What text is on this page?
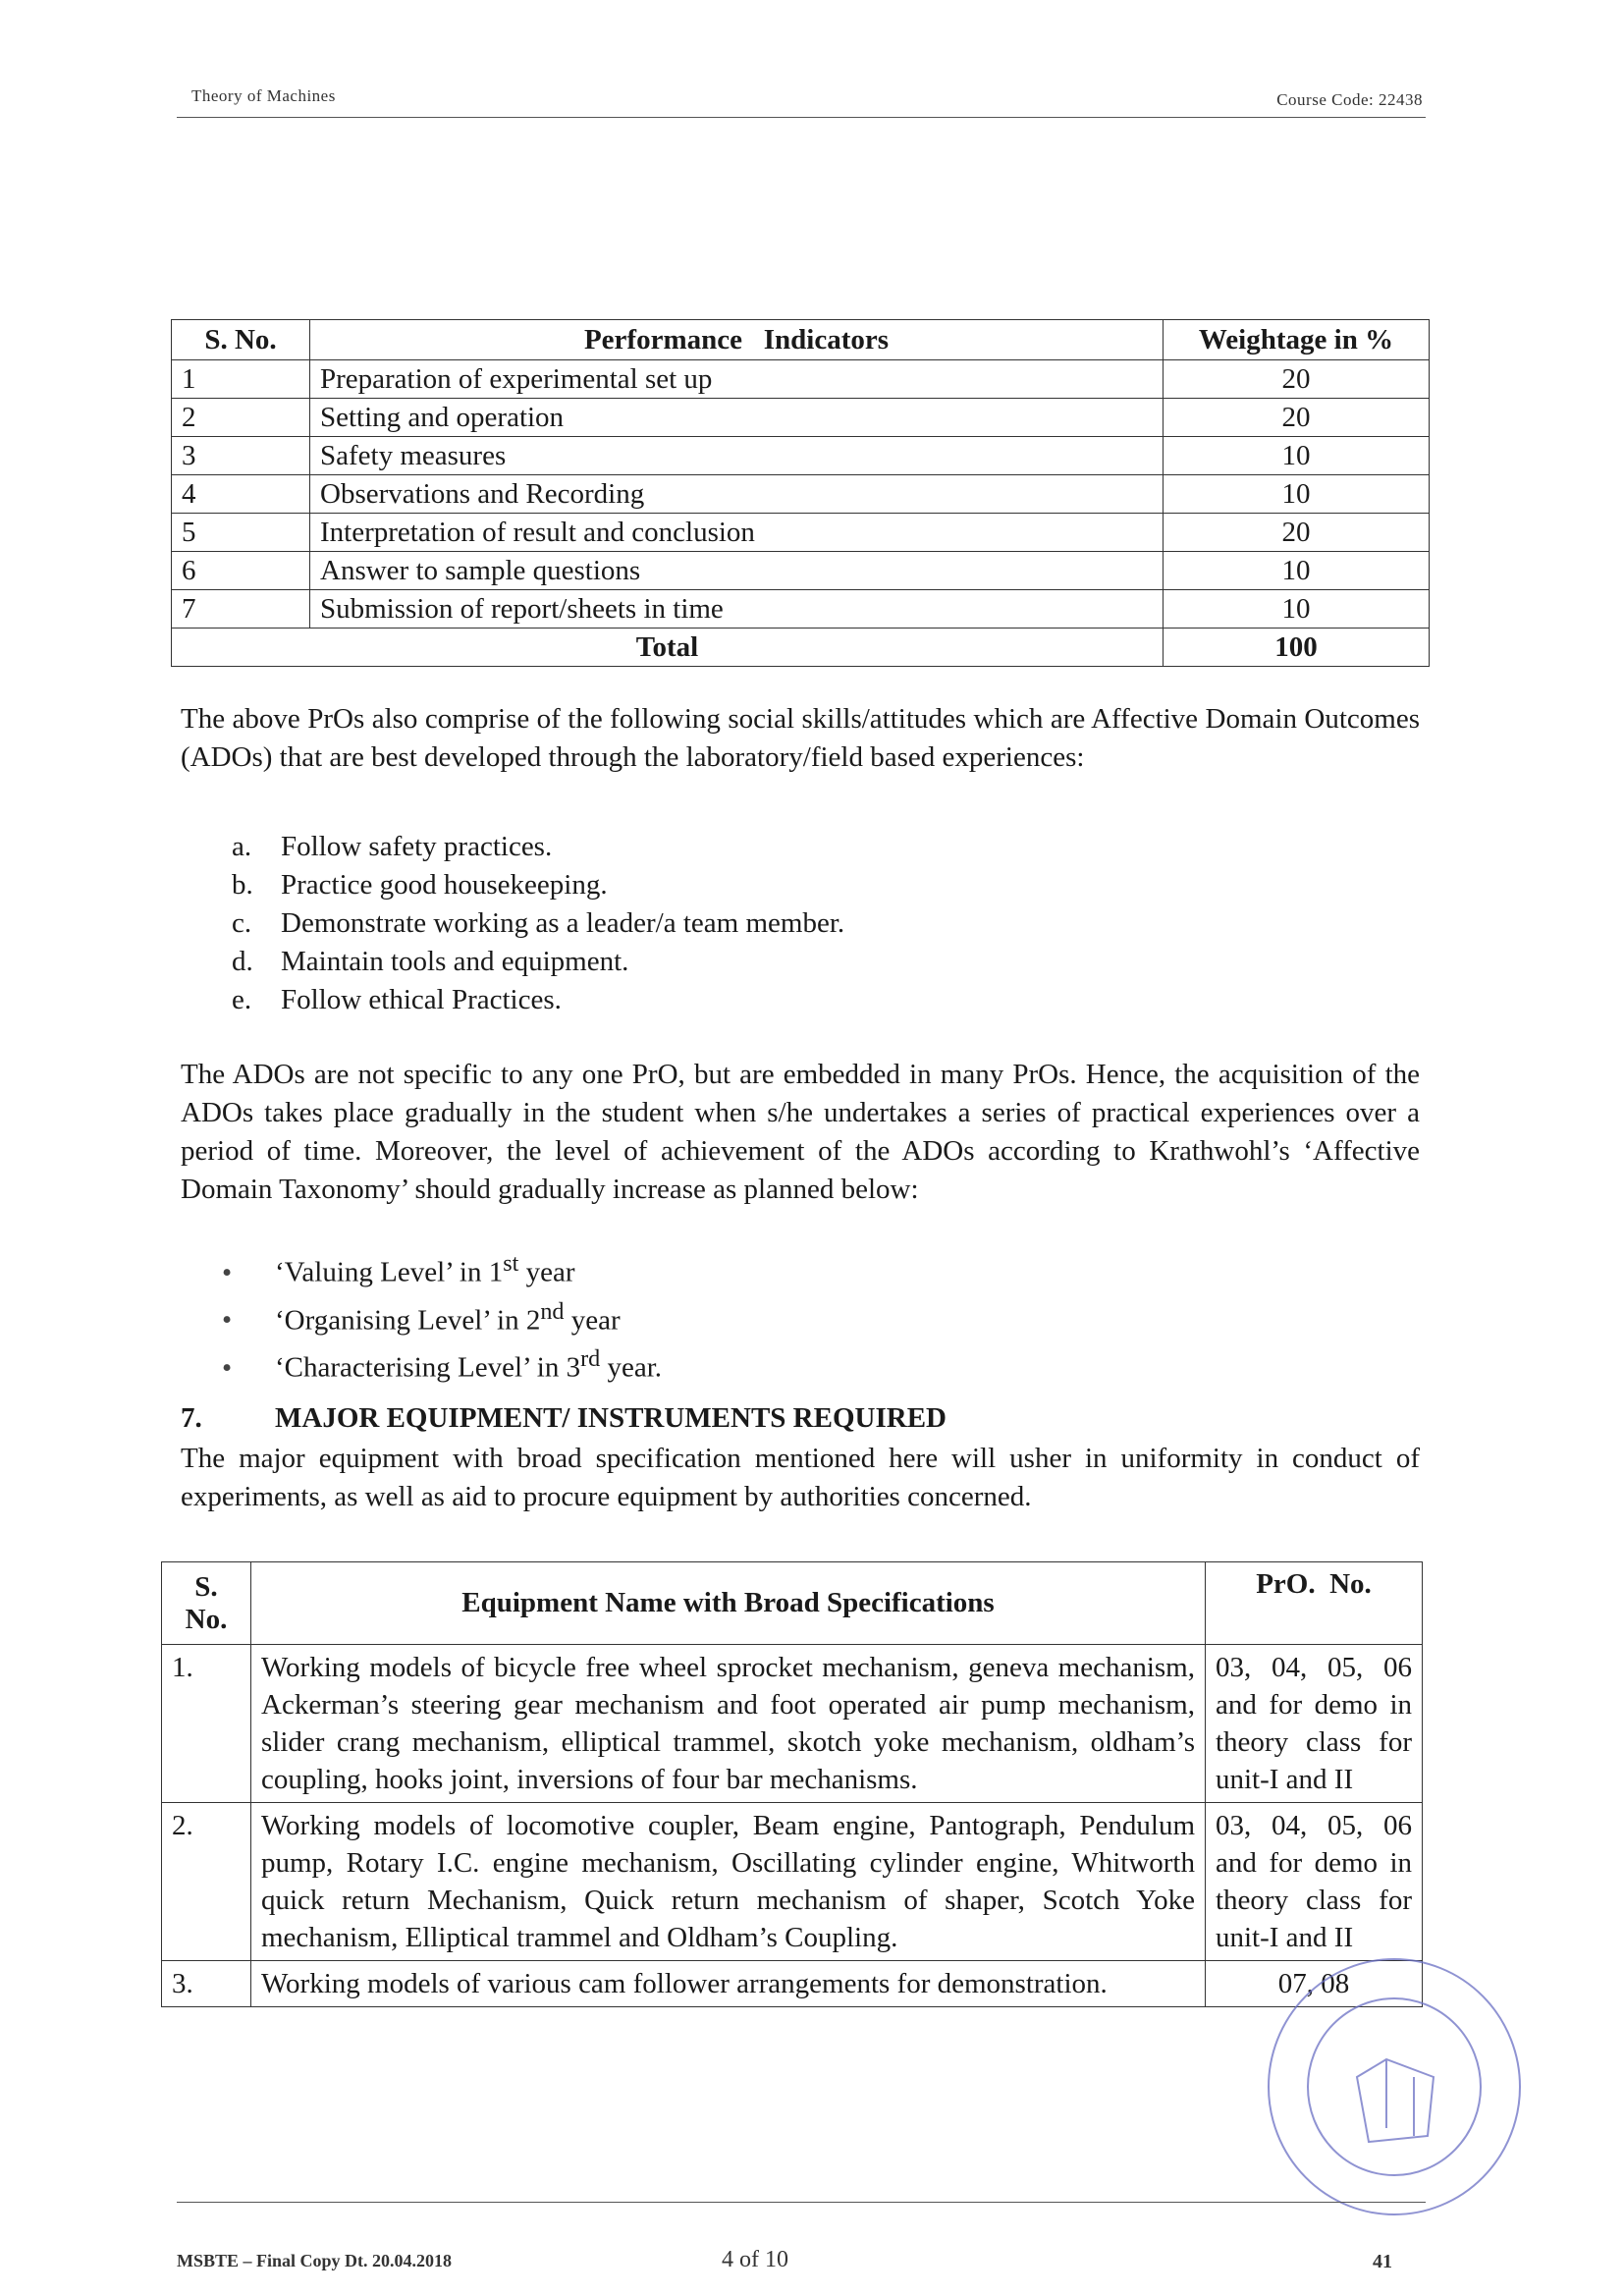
Theory of Machines	Course Code: 22438
S. No.	Performance   Indicators	Weightage in %
1	Preparation of experimental set up	20
2	Setting and operation	20
3	Safety measures	10
4	Observations and Recording	10
5	Interpretation of result and conclusion	20
6	Answer to sample questions	10
7	Submission of report/sheets in time	10
Total		100

The above PrOs also comprise of the following social skills/attitudes which are Affective Domain Outcomes (ADOs) that are best developed through the laboratory/field based experiences:

a. Follow safety practices.
b. Practice good housekeeping.
c. Demonstrate working as a leader/a team member.
d. Maintain tools and equipment.
e. Follow ethical Practices.

The ADOs are not specific to any one PrO, but are embedded in many PrOs. Hence, the acquisition of the ADOs takes place gradually in the student when s/he undertakes a series of practical experiences over a period of time. Moreover, the level of achievement of the ADOs according to Krathwohl’s ‘Affective Domain Taxonomy’ should gradually increase as planned below:

• ‘Valuing Level’ in 1st year
• ‘Organising Level’ in 2nd year
• ‘Characterising Level’ in 3rd year.
7.	MAJOR EQUIPMENT/ INSTRUMENTS REQUIRED

The major equipment with broad specification mentioned here will usher in uniformity in conduct of experiments, as well as aid to procure equipment by authorities concerned.

S. No.	Equipment Name with Broad Specifications	PrO.  No.
1.	Working models of bicycle free wheel sprocket mechanism, geneva mechanism, Ackerman’s steering gear mechanism and foot operated air pump mechanism, slider crang mechanism, elliptical trammel, skotch yoke mechanism, oldham’s coupling, hooks joint, inversions of four bar mechanisms.	03, 04, 05, 06 and for demo in theory class for unit-I and II
2.	Working models of locomotive coupler, Beam engine, Pantograph, Pendulum pump, Rotary I.C. engine mechanism, Oscillating cylinder engine, Whitworth quick return Mechanism, Quick return mechanism of shaper, Scotch Yoke mechanism, Elliptical trammel and Oldham’s Coupling.	03, 04, 05, 06 and for demo in theory class for unit-I and II
3.	Working models of various cam follower arrangements for demonstration.	07, 08
MSBTE – Final Copy Dt. 20.04.2018	4 of 10	41
